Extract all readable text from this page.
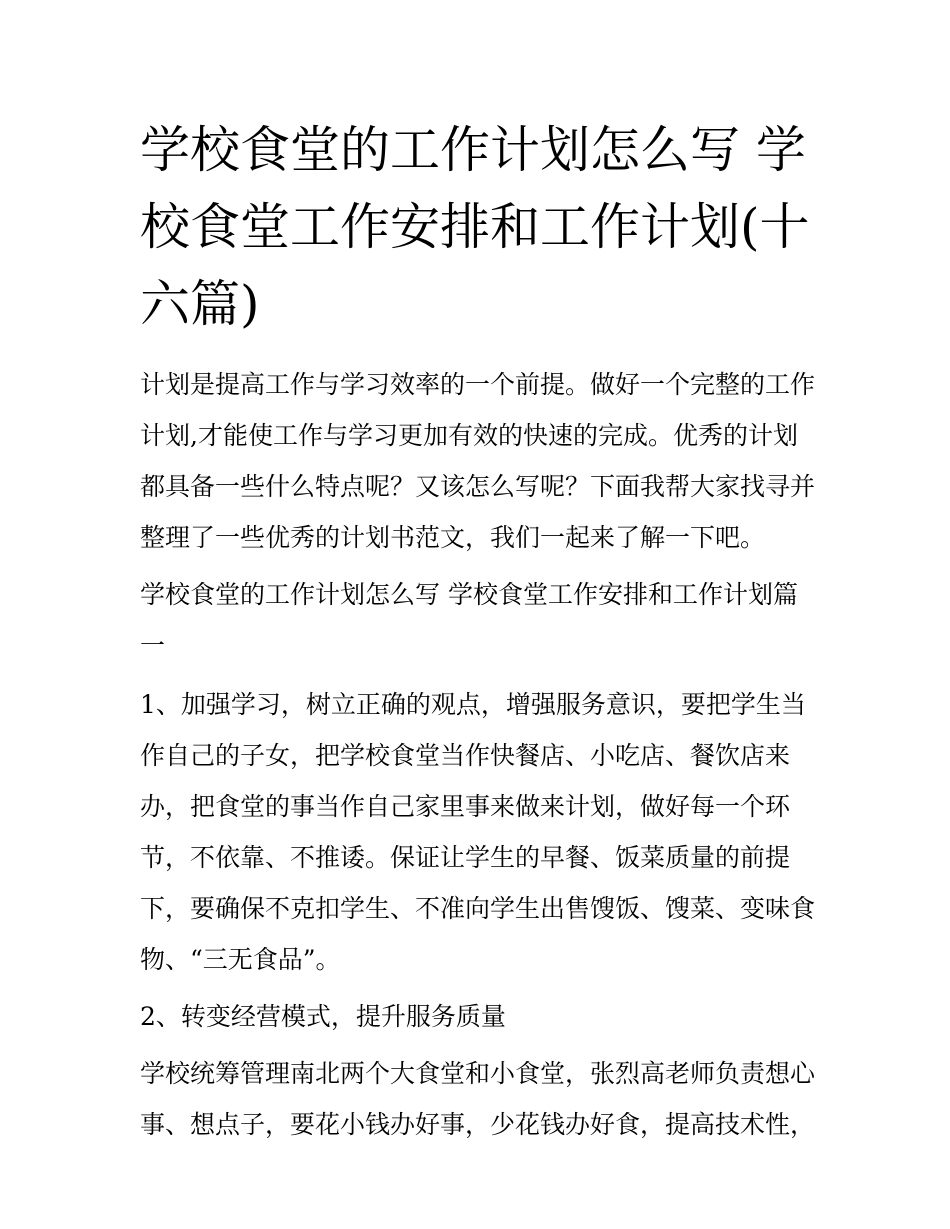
学校食堂的工作计划怎么写 学校食堂工作安排和工作计划(十六篇)

计划是提高工作与学习效率的一个前提。做好一个完整的工作计划,才能使工作与学习更加有效的快速的完成。优秀的计划都具备一些什么特点呢？又该怎么写呢？下面我帮大家找寻并整理了一些优秀的计划书范文，我们一起来了解一下吧。

学校食堂的工作计划怎么写 学校食堂工作安排和工作计划篇一

1、加强学习，树立正确的观点，增强服务意识，要把学生当作自己的子女，把学校食堂当作快餐店、小吃店、餐饮店来办，把食堂的事当作自己家里事来做来计划，做好每一个环节，不依靠、不推诿。保证让学生的早餐、饭菜质量的前提下，要确保不克扣学生、不准向学生出售馊饭、馊菜、变味食物、“三无食品”。

2、转变经营模式，提升服务质量

学校统筹管理南北两个大食堂和小食堂，张烈高老师负责想心事、想点子，要花小钱办好事，少花钱办好食，提高技术性，
